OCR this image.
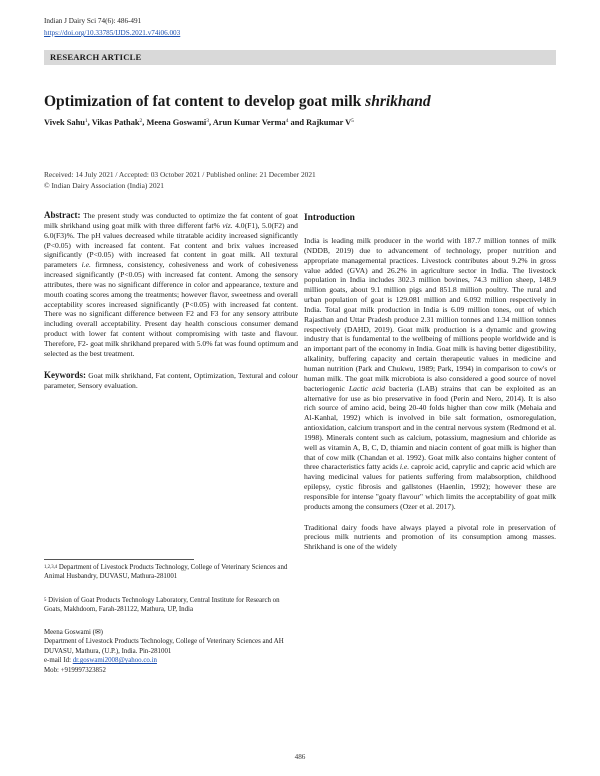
Indian J Dairy Sci 74(6): 486-491
https://doi.org/10.33785/IJDS.2021.v74i06.003
RESEARCH ARTICLE
Optimization of fat content to develop goat milk shrikhand
Vivek Sahu$^1$, Vikas Pathak$^2$, Meena Goswami$^3$, Arun Kumar Verma$^4$ and Rajkumar $V^5$
Received: 14 July 2021 / Accepted: 03 October 2021 / Published online: 21 December 2021
© Indian Dairy Association (India) 2021

Abstract: The present study was conducted to optimize the fat content of goat milk shrikhand using goat milk with three different fat% viz. 4.0(F1), 5.0(F2) and 6.0(F3)%. The pH values decreased while titratable acidity increased significantly (P<0.05) with increased fat content. Fat content and brix values increased significantly (P<0.05) with increased fat content in goat milk. All textural parameters i.e. firmness, consistency, cohesiveness and work of cohesiveness increased significantly (P<0.05) with increased fat content. Among the sensory attributes, there was no significant difference in color and appearance, texture and mouth coating scores among the treatments; however flavor, sweetness and overall acceptability scores increased significantly (P<0.05) with increased fat content. There was no significant difference between F2 and F3 for any sensory attribute including overall acceptability. Present day health conscious consumer demand product with lower fat content without compromising with taste and flavour. Therefore, F2- goat milk shrikhand prepared with 5.0% fat was found optimum and selected as the best treatment.

Keywords: Goat milk shrikhand, Fat content, Optimization, Textural and colour parameter, Sensory evaluation.

$^{1,2,3,4}$ Department of Livestock Products Technology, College of Veterinary Sciences and Animal Husbandry, DUVASU, Mathura-281001
$^5$ Division of Goat Products Technology Laboratory, Central Institute for Research on Goats, Makhdoom, Farah-281122, Mathura, UP, India
Meena Goswami (✉)
Department of Livestock Products Technology, College of Veterinary Sciences and AH
DUVASU, Mathura, (U.P.), India. Pin-281001
e-mail Id: dr.goswami2008@yahoo.co.in
Mob: +919997323852

Introduction

India is leading milk producer in the world with 187.7 million tonnes of milk (NDDB, 2019) due to advancement of technology, proper nutrition and appropriate managemental practices. Livestock contributes about 9.2% in gross value added (GVA) and 26.2% in agriculture sector in India. The livestock population in India includes 302.3 million bovines, 74.3 million sheep, 148.9 million goats, about 9.1 million pigs and 851.8 million poultry. The rural and urban population of goat is 129.081 million and 6.092 million respectively in India. Total goat milk production in India is 6.09 million tones, out of which Rajasthan and Uttar Pradesh produce 2.31 million tonnes and 1.34 million tonnes respectively (DAHD, 2019). Goat milk production is a dynamic and growing industry that is fundamental to the wellbeing of millions people worldwide and is an important part of the economy in India. Goat milk is having better digestibility, alkalinity, buffering capacity and certain therapeutic values in medicine and human nutrition (Park and Chukwu, 1989; Park, 1994) in comparison to cow's or human milk. The goat milk microbiota is also considered a good source of novel bacteriogenic Lactic acid bacteria (LAB) strains that can be exploited as an alternative for use as bio preservative in food (Perin and Nero, 2014). It is also rich source of amino acid, being 20-40 folds higher than cow milk (Mehaia and Al-Kanhal, 1992) which is involved in bile salt formation, osmoregulation, antioxidation, calcium transport and in the central nervous system (Redmond et al. 1998). Minerals content such as calcium, potassium, magnesium and chloride as well as vitamin A, B, C, D, thiamin and niacin content of goat milk is higher than that of cow milk (Chandan et al. 1992). Goat milk also contains higher content of three characteristics fatty acids i.e. caproic acid, caprylic and capric acid which are having medicinal values for patients suffering from malabsorption, childhood epilepsy, cystic fibrosis and gallstones (Haenlin, 1992); however these are responsible for intense "goaty flavour" which limits the acceptability of goat milk products among the consumers (Ozer et al. 2017).

Traditional dairy foods have always played a pivotal role in preservation of precious milk nutrients and promotion of its consumption among masses. Shrikhand is one of the widely

486
